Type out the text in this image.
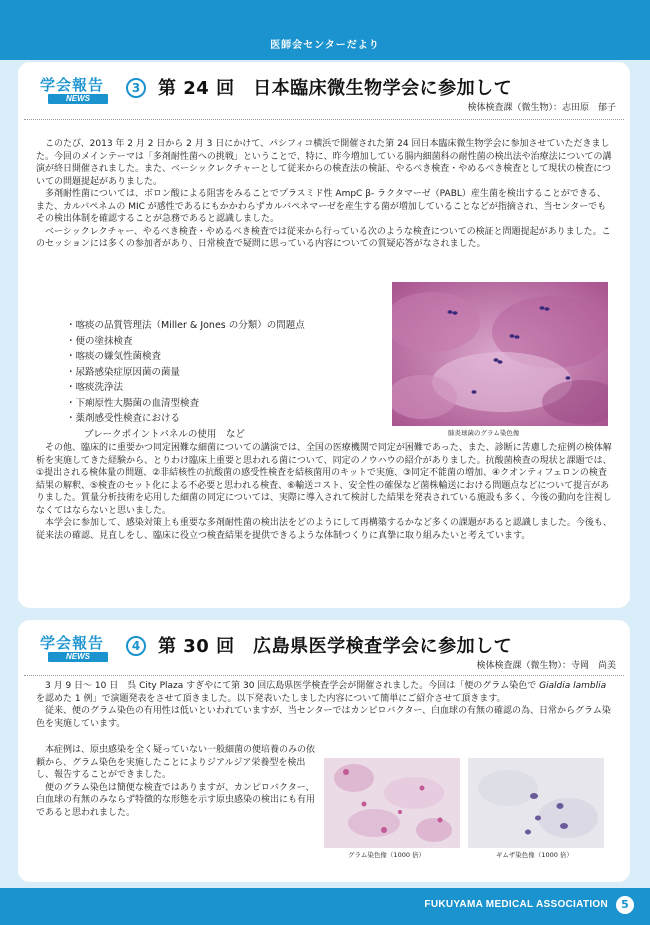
医師会センターだより
学会報告
NEWS
3 第 24 回　日本臨床微生物学会に参加して
検体検査課（微生物）：志田原　郁子

このたび、2013 年 2 月 2 日から 2 月 3 日にかけて、パシフィコ横浜で開催された第 24 回日本臨床微生物学会に参加させていただきました。今回のメインテーマは「多剤耐性菌への挑戦」ということで、特に、昨今増加している腸内細菌科の耐性菌の検出法や治療法についての講演が終日開催されました。また、ベーシックレクチャーとして従来からの検査法の検証、やるべき検査・やめるべき検査として現状の検査についての問題提起がありました。

多剤耐性菌については、ボロン酸による阻害をみることでプラスミド性 AmpC β- ラクタマーゼ（PABL）産生菌を検出することができる、また、カルバペネムの MIC が感性であるにもかかわらずカルバペネマーゼを産生する菌が増加していることなどが指摘され、当センターでもその検出体制を確認することが急務であると認識しました。

ベーシックレクチャー、やるべき検査・やめるべき検査では従来から行っている次のような検査についての検証と問題提起がありました。このセッションには多くの参加者があり、日常検査で疑問に思っている内容についての質疑応答がなされました。

・喀痰の品質管理法（Miller & Jones の分類）の問題点
・便の塗抹検査
・喀痰の嫌気性菌検査
・尿路感染症原因菌の菌量
・喀痰洗浄法
・下痢原性大腸菌の血清型検査
・薬剤感受性検査における
ブレークポイントパネルの使用　など	肺炎球菌のグラム染色像

その他、臨床的に重要かつ同定困難な細菌についての講演では、全国の医療機関で同定が困難であった、また、診断に苦慮した症例の検体解析を実施してきた経験から、とりわけ臨床上重要と思われる菌について、同定のノウハウの紹介がありました。抗酸菌検査の現状と課題では、①提出される検体量の問題、②非結核性の抗酸菌の感受性検査を結核菌用のキットで実施、③同定不能菌の増加、④クオンティフェロンの検査結果の解釈、⑤検査のセット化による不必要と思われる検査、⑥輸送コスト、安全性の確保など菌株輸送における問題点などについて提言がありました。質量分析技術を応用した細菌の同定については、実際に導入されて検討した結果を発表されている施設も多く、今後の動向を注視しなくてはならないと思いました。

本学会に参加して、感染対策上も重要な多剤耐性菌の検出法をどのようにして再構築するかなど多くの課題があると認識しました。今後も、従来法の確認、見直しをし、臨床に役立つ検査結果を提供できるような体制つくりに真摯に取り組みたいと考えています。

学会報告
NEWS
4 第 30 回　広島県医学検査学会に参加して
検体検査課（微生物）：寺岡　尚美

3 月 9 日～ 10 日　呉 City Plaza すぎやにて第 30 回広島県医学検査学会が開催されました。今回は「便のグラム染色で Gialdia lamblia を認めた 1 例」で演題発表をさせて頂きました。以下発表いたしました内容について簡単にご紹介させて頂きます。

従来、便のグラム染色の有用性は低いといわれていますが、当センターではカンピロバクター、白血球の有無の確認の為、日常からグラム染色を実施しています。

本症例は、原虫感染を全く疑っていない一般細菌の便培養のみの依頼から、グラム染色を実施したことによりジアルジア栄養型を検出し、報告することができました。

便のグラム染色は簡便な検査ではありますが、カンピロバクター、白血球の有無のみならず特徴的な形態を示す原虫感染の検出にも有用であると思われました。

グラム染色像（1000 倍）	ギムザ染色像（1000 倍）
FUKUYAMA MEDICAL ASSOCIATION	5
